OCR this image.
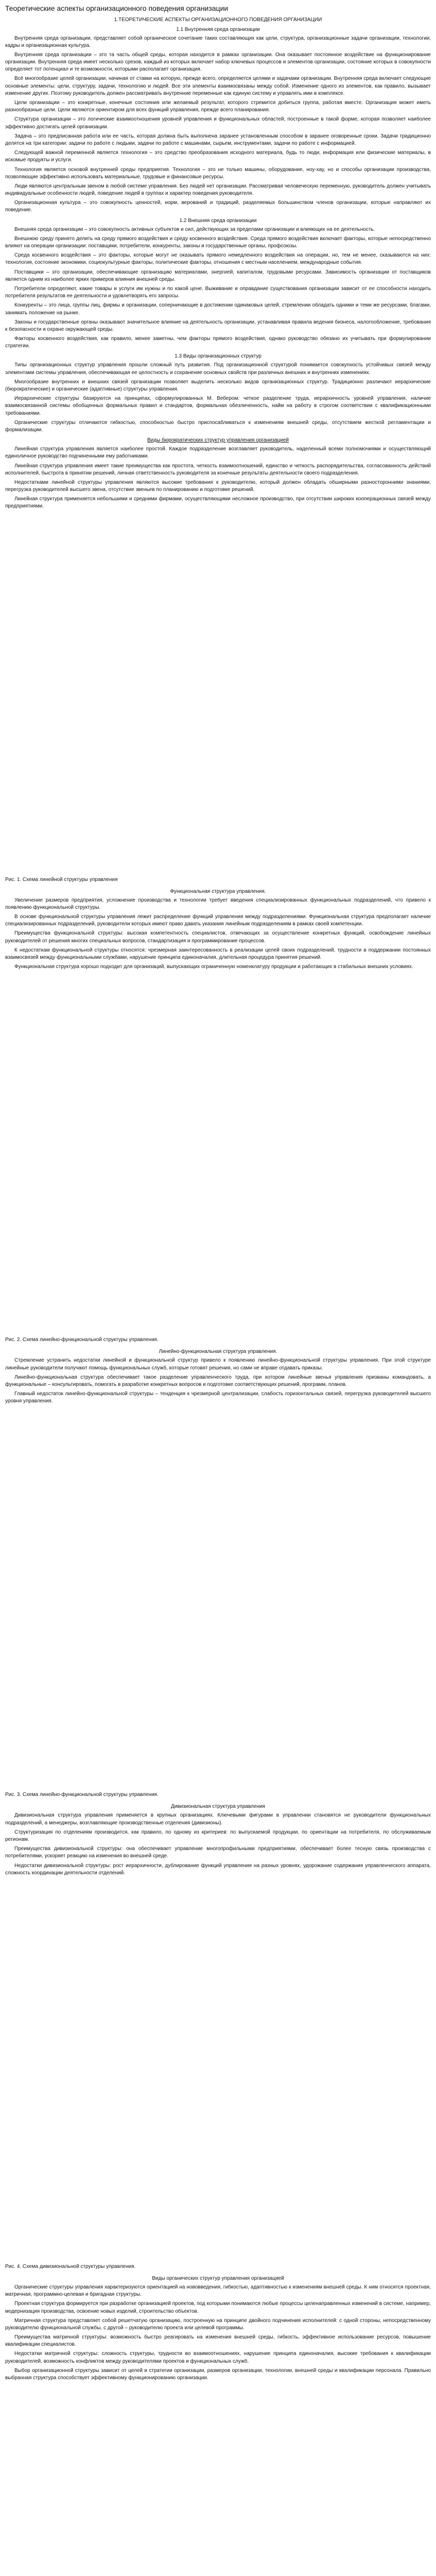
Теоретические аспекты организационного поведения организации
1.ТЕОРЕТИЧЕСКИЕ АСПЕКТЫ ОРГАНИЗАЦИОННОГО ПОВЕДЕНИЯ ОРГАНИЗАЦИИ
1.1 Внутренняя среда организации

Внутренняя среда организации, представляет собой органическое сочетание таких составляющих как цели, структура, организационные задачи организации, технологии, кадры и организационная культура.

Внутренняя среда организации – это та часть общей среды, которая находится в рамках организации. Она оказывает постоянное воздействие на функционирование организации. Внутренняя среда имеет несколько срезов, каждый из которых включает набор ключевых процессов и элементов организации, состояние которых в совокупности определяет тот потенциал и те возможности, которыми располагает организация.

Всё многообразие целей организации, начиная от ставки на которую, прежде всего, определяется целями и задачами организации. Внутренняя среда включает следующие основные элементы: цели, структуру, задачи, технологию и людей. Все эти элементы взаимосвязаны между собой. Изменение одного из элементов, как правило, вызывает изменение других. Поэтому руководитель должен рассматривать внутренние переменные как единую систему и управлять ими в комплексе.

Цели организации – это конкретные, конечные состояния или желаемый результат, которого стремится добиться группа, работая вместе. Организация может иметь разнообразные цели. Цели являются ориентиром для всех функций управления, прежде всего планирования.

Структура организации – это логические взаимоотношения уровней управления и функциональных областей, построенные в такой форме, которая позволяет наиболее эффективно достигать целей организации.

Задача – это предписанная работа или ее часть, которая должна быть выполнена заранее установленным способом в заранее оговоренные сроки. Задачи традиционно делятся на три категории: задачи по работе с людьми, задачи по работе с машинами, сырьем, инструментами, задачи по работе с информацией.

Следующей важной переменной является технология – это средство преобразования исходного материала, будь то люди, информация или физические материалы, в искомые продукты и услуги.

Технология является основой внутренней среды предприятия. Технология – это не только машины, оборудование, ноу-хау, но и способы организации производства, позволяющие эффективно использовать материальные, трудовые и финансовые ресурсы.

Люди являются центральным звеном в любой системе управления. Без людей нет организации. Рассматривая человеческую переменную, руководитель должен учитывать индивидуальные особенности людей, поведение людей в группах и характер поведения руководителя.

Организационная культура – это совокупность ценностей, норм, верований и традиций, разделяемых большинством членов организации, которые направляют их поведение.

1.2 Внешняя среда организации

Внешняя среда организации – это совокупность активных субъектов и сил, действующих за пределами организации и влияющих на ее деятельность.

Внешнюю среду принято делить на среду прямого воздействия и среду косвенного воздействия. Среда прямого воздействия включает факторы, которые непосредственно влияют на операции организации: поставщики, потребители, конкуренты, законы и государственные органы, профсоюзы.

Среда косвенного воздействия – это факторы, которые могут не оказывать прямого немедленного воздействия на операции, но, тем не менее, сказываются на них: технология, состояние экономики, социокультурные факторы, политические факторы, отношения с местным населением, международные события.

Поставщики – это организации, обеспечивающие организацию материалами, энергией, капиталом, трудовыми ресурсами. Зависимость организации от поставщиков является одним из наиболее ярких примеров влияния внешней среды.

Потребители определяют, какие товары и услуги им нужны и по какой цене. Выживание и оправдание существования организации зависит от ее способности находить потребителя результатов ее деятельности и удовлетворять его запросы.

Конкуренты – это лица, группы лиц, фирмы и организации, соперничающие в достижении одинаковых целей, стремлении обладать одними и теми же ресурсами, благами, занимать положение на рынке.

Законы и государственные органы оказывают значительное влияние на деятельность организации, устанавливая правила ведения бизнеса, налогообложение, требования к безопасности и охране окружающей среды.

Факторы косвенного воздействия, как правило, менее заметны, чем факторы прямого воздействия, однако руководство обязано их учитывать при формулировании стратегии.

1.3 Виды организационных структур

Типы организационных структур управления прошли сложный путь развития. Под организационной структурой понимается совокупность устойчивых связей между элементами системы управления, обеспечивающая ее целостность и сохранение основных свойств при различных внешних и внутренних изменениях.

Многообразие внутренних и внешних связей организации позволяет выделить несколько видов организационных структур. Традиционно различают иерархические (бюрократические) и органические (адаптивные) структуры управления.

Иерархические структуры базируются на принципах, сформулированных М. Вебером: четкое разделение труда, иерархичность уровней управления, наличие взаимосвязанной системы обобщенных формальных правил и стандартов, формальная обезличенность, найм на работу в строгом соответствии с квалификационными требованиями.

Органические структуры отличаются гибкостью, способностью быстро приспосабливаться к изменениям внешней среды, отсутствием жесткой регламентации и формализации.

Виды бюрократических структур управления организацией

Линейная структура управления является наиболее простой. Каждое подразделение возглавляет руководитель, наделенный всеми полномочиями и осуществляющий единоличное руководство подчиненными ему работниками.

Линейная структура управления имеет такие преимущества как простота, четкость взаимоотношений, единство и четкость распорядительства, согласованность действий исполнителей, быстрота в принятии решений, личная ответственность руководителя за конечные результаты деятельности своего подразделения.

Недостатками линейной структуры управления являются высокие требования к руководителю, который должен обладать обширными разносторонними знаниями, перегрузка руководителей высшего звена, отсутствие звеньев по планированию и подготовке решений.

Линейная структура применяется небольшими и средними фирмами, осуществляющими несложное производство, при отсутствии широких кооперационных связей между предприятиями.

Рис. 1. Схема линейной структуры управления
Функциональная структура управления.

Увеличение размеров предприятия, усложнение производства и технологии требует введения специализированных функциональных подразделений, что привело к появлению функциональной структуры.

В основе функциональной структуры управления лежит распределение функций управления между подразделениями. Функциональная структура предполагает наличие специализированных подразделений, руководители которых имеют право давать указания линейным подразделениям в рамках своей компетенции.

Преимущества функциональной структуры: высокая компетентность специалистов, отвечающих за осуществление конкретных функций, освобождение линейных руководителей от решения многих специальных вопросов, стандартизация и программирование процессов.

К недостаткам функциональной структуры относятся: чрезмерная заинтересованность в реализации целей своих подразделений, трудности в поддержании постоянных взаимосвязей между функциональными службами, нарушение принципа единоначалия, длительная процедура принятия решений.

Функциональная структура хорошо подходит для организаций, выпускающих ограниченную номенклатуру продукции и работающих в стабильных внешних условиях.

Рис. 2. Схема линейно-функциональной структуры управления.
Линейно-функциональная структура управления.

Стремление устранить недостатки линейной и функциональной структур привело к появлению линейно-функциональной структуры управления. При этой структуре линейные руководители получают помощь функциональных служб, которые готовят решения, но сами не вправе отдавать приказы.

Линейно-функциональная структура обеспечивает такое разделение управленческого труда, при котором линейные звенья управления призваны командовать, а функциональные – консультировать, помогать в разработке конкретных вопросов и подготовке соответствующих решений, программ, планов.

Главный недостаток линейно-функциональной структуры – тенденция к чрезмерной централизации, слабость горизонтальных связей, перегрузка руководителей высшего уровня управления.

Рис. 3. Схема линейно-функциональной структуры управления.
Дивизиональная структура управления

Дивизиональная структура управления применяется в крупных организациях. Ключевыми фигурами в управлении становятся не руководители функциональных подразделений, а менеджеры, возглавляющие производственные отделения (дивизионы).

Структуризация по отделениям производится, как правило, по одному из критериев: по выпускаемой продукции, по ориентации на потребителя, по обслуживаемым регионам.

Преимущества дивизиональной структуры: она обеспечивает управление многопрофильными предприятиями, обеспечивает более тесную связь производства с потребителями, ускоряет реакцию на изменения во внешней среде.

Недостатки дивизиональной структуры: рост иерархичности, дублирование функций управления на разных уровнях, удорожание содержания управленческого аппарата, сложность координации деятельности отделений.

Рис. 4. Схема дивизиональной структуры управления.
Виды органических структур управления организацией

Органические структуры управления характеризуются ориентацией на нововведения, гибкостью, адаптивностью к изменениям внешней среды. К ним относятся проектная, матричная, программно-целевая и бригадная структуры.

Проектная структура формируется при разработке организацией проектов, под которыми понимаются любые процессы целенаправленных изменений в системе, например, модернизация производства, освоение новых изделий, строительство объектов.

Матричная структура представляет собой решетчатую организацию, построенную на принципе двойного подчинения исполнителей: с одной стороны, непосредственному руководителю функциональной службы, с другой – руководителю проекта или целевой программы.

Преимущества матричной структуры: возможность быстро реагировать на изменения внешней среды, гибкость, эффективное использование ресурсов, повышение квалификации специалистов.

Недостатки матричной структуры: сложность структуры, трудности во взаимоотношениях, нарушение принципа единоначалия, высокие требования к квалификации руководителей, возможность конфликтов между руководителями проектов и функциональных служб.

Выбор организационной структуры зависит от целей и стратегии организации, размеров организации, технологии, внешней среды и квалификации персонала. Правильно выбранная структура способствует эффективному функционированию организации.
